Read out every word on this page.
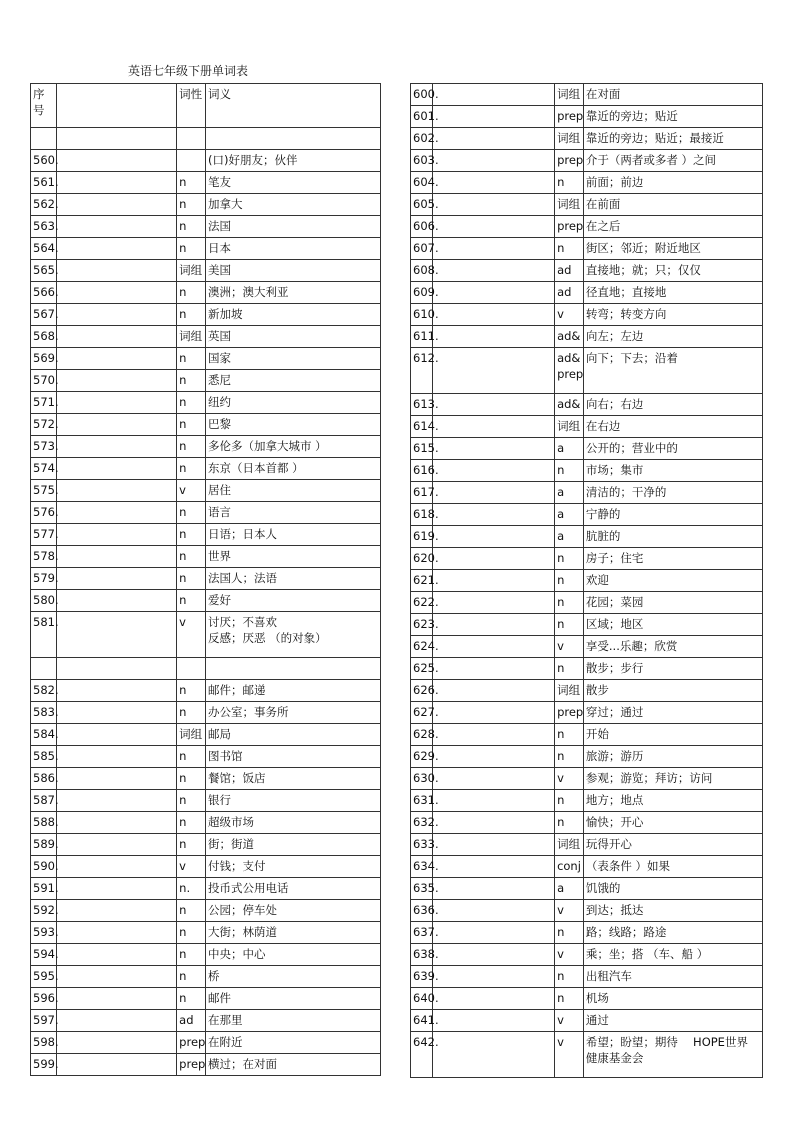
英语七年级下册单词表
序号		词性	词义

560.			(口)好朋友；伙伴

561.		n	笔友

562.		n	加拿大

563.		n	法国

564.		n	日本

565.		词组	美国

566.		n	澳洲；澳大利亚

567.		n	新加坡

568.		词组	英国

569.		n	国家

570.		n	悉尼

571.		n	纽约

572.		n	巴黎

573.		n	多伦多（加拿大城市 ）

574.		n	东京（日本首都 ）

575.		v	居住

576.		n	语言

577.		n	日语；日本人

578.		n	世界

579.		n	法国人；法语

580.		n	爱好

581.		v	讨厌；不喜欢
反感；厌恶 （的对象）

582.		n	邮件；邮递

583.		n	办公室；事务所

584.		词组	邮局

585.		n	图书馆

586.		n	餐馆；饭店

587.		n	银行

588.		n	超级市场

589.		n	街；街道

590.		v	付钱；支付

591.		n.	投币式公用电话

592.		n	公园；停车处

593.		n	大街；林荫道

594.		n	中央；中心

595.		n	桥

596.		n	邮件

597.		ad	在那里

598.		prep	在附近

599.		prep	横过；在对面
600.		词组	在对面

601.		prep	靠近的旁边；贴近

602.		词组	靠近的旁边；贴近；最接近

603.		prep	介于（两者或多者 ）之间

604.		n	前面；前边

605.		词组	在前面

606.		prep	在之后

607.		n	街区；邻近；附近地区

608.		ad	直接地；就；只；仅仅

609.		ad	径直地；直接地

610.		v	转弯；转变方向

611.		ad&	向左；左边

612.		ad&
prep	向下；下去；沿着

613.		ad&	向右；右边

614.		词组	在右边

615.		a	公开的；营业中的

616.		n	市场；集市

617.		a	清洁的；干净的

618.		a	宁静的

619.		a	肮脏的

620.		n	房子；住宅

621.		n	欢迎

622.		n	花园；菜园

623.		n	区域；地区

624.		v	享受...乐趣；欣赏

625.		n	散步；步行

626.		词组	散步

627.		prep	穿过；通过

628.		n	开始

629.		n	旅游；游历

630.		v	参观；游览；拜访；访问

631.		n	地方；地点

632.		n	愉快；开心

633.		词组	玩得开心

634.		conj	（表条件 ）如果

635.		a	饥饿的

636.		v	到达；抵达

637.		n	路；线路；路途

638.		v	乘；坐；搭 （车、船 ）

639.		n	出租汽车

640.		n	机场

641.		v	通过

642.		v	希望；盼望；期待　 HOPE世界
健康基金会
